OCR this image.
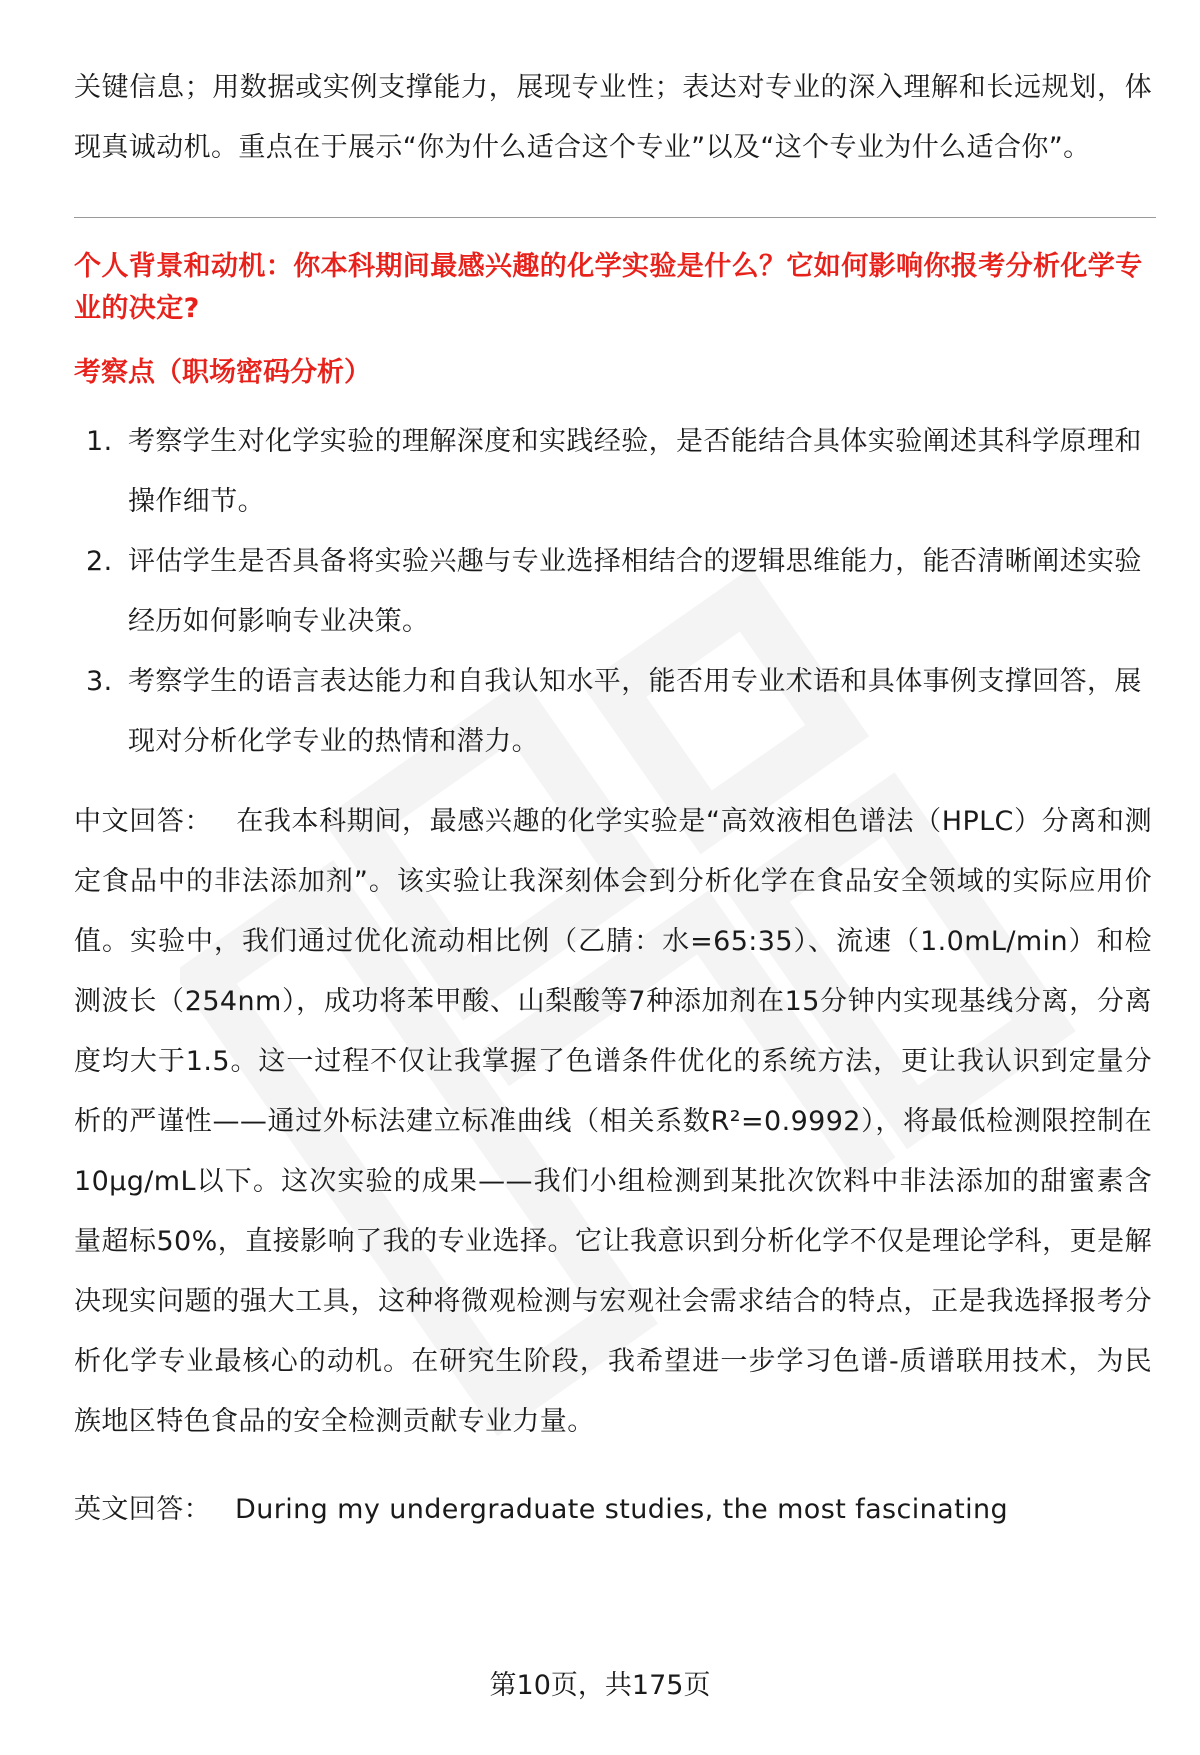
关键信息；用数据或实例支撑能力，展现专业性；表达对专业的深入理解和长远规划，体现真诚动机。重点在于展示“你为什么适合这个专业”以及“这个专业为什么适合你”。

个人背景和动机：你本科期间最感兴趣的化学实验是什么？它如何影响你报考分析化学专业的决定?

考察点（职场密码分析）
1. 考察学生对化学实验的理解深度和实践经验，是否能结合具体实验阐述其科学原理和操作细节。
2. 评估学生是否具备将实验兴趣与专业选择相结合的逻辑思维能力，能否清晰阐述实验经历如何影响专业决策。
3. 考察学生的语言表达能力和自我认知水平，能否用专业术语和具体事例支撑回答，展现对分析化学专业的热情和潜力。

中文回答： 在我本科期间，最感兴趣的化学实验是“高效液相色谱法（HPLC）分离和测定食品中的非法添加剂”。该实验让我深刻体会到分析化学在食品安全领域的实际应用价值。实验中，我们通过优化流动相比例（乙腈：水=65:35）、流速（1.0mL/min）和检测波长（254nm），成功将苯甲酸、山梨酸等7种添加剂在15分钟内实现基线分离，分离度均大于1.5。这一过程不仅让我掌握了色谱条件优化的系统方法，更让我认识到定量分析的严谨性——通过外标法建立标准曲线（相关系数R²=0.9992），将最低检测限控制在10μg/mL以下。这次实验的成果——我们小组检测到某批次饮料中非法添加的甜蜜素含量超标50%，直接影响了我的专业选择。它让我意识到分析化学不仅是理论学科，更是解决现实问题的强大工具，这种将微观检测与宏观社会需求结合的特点，正是我选择报考分析化学专业最核心的动机。在研究生阶段，我希望进一步学习色谱-质谱联用技术，为民族地区特色食品的安全检测贡献专业力量。

英文回答： During my undergraduate studies, the most fascinating

第10页，共175页
